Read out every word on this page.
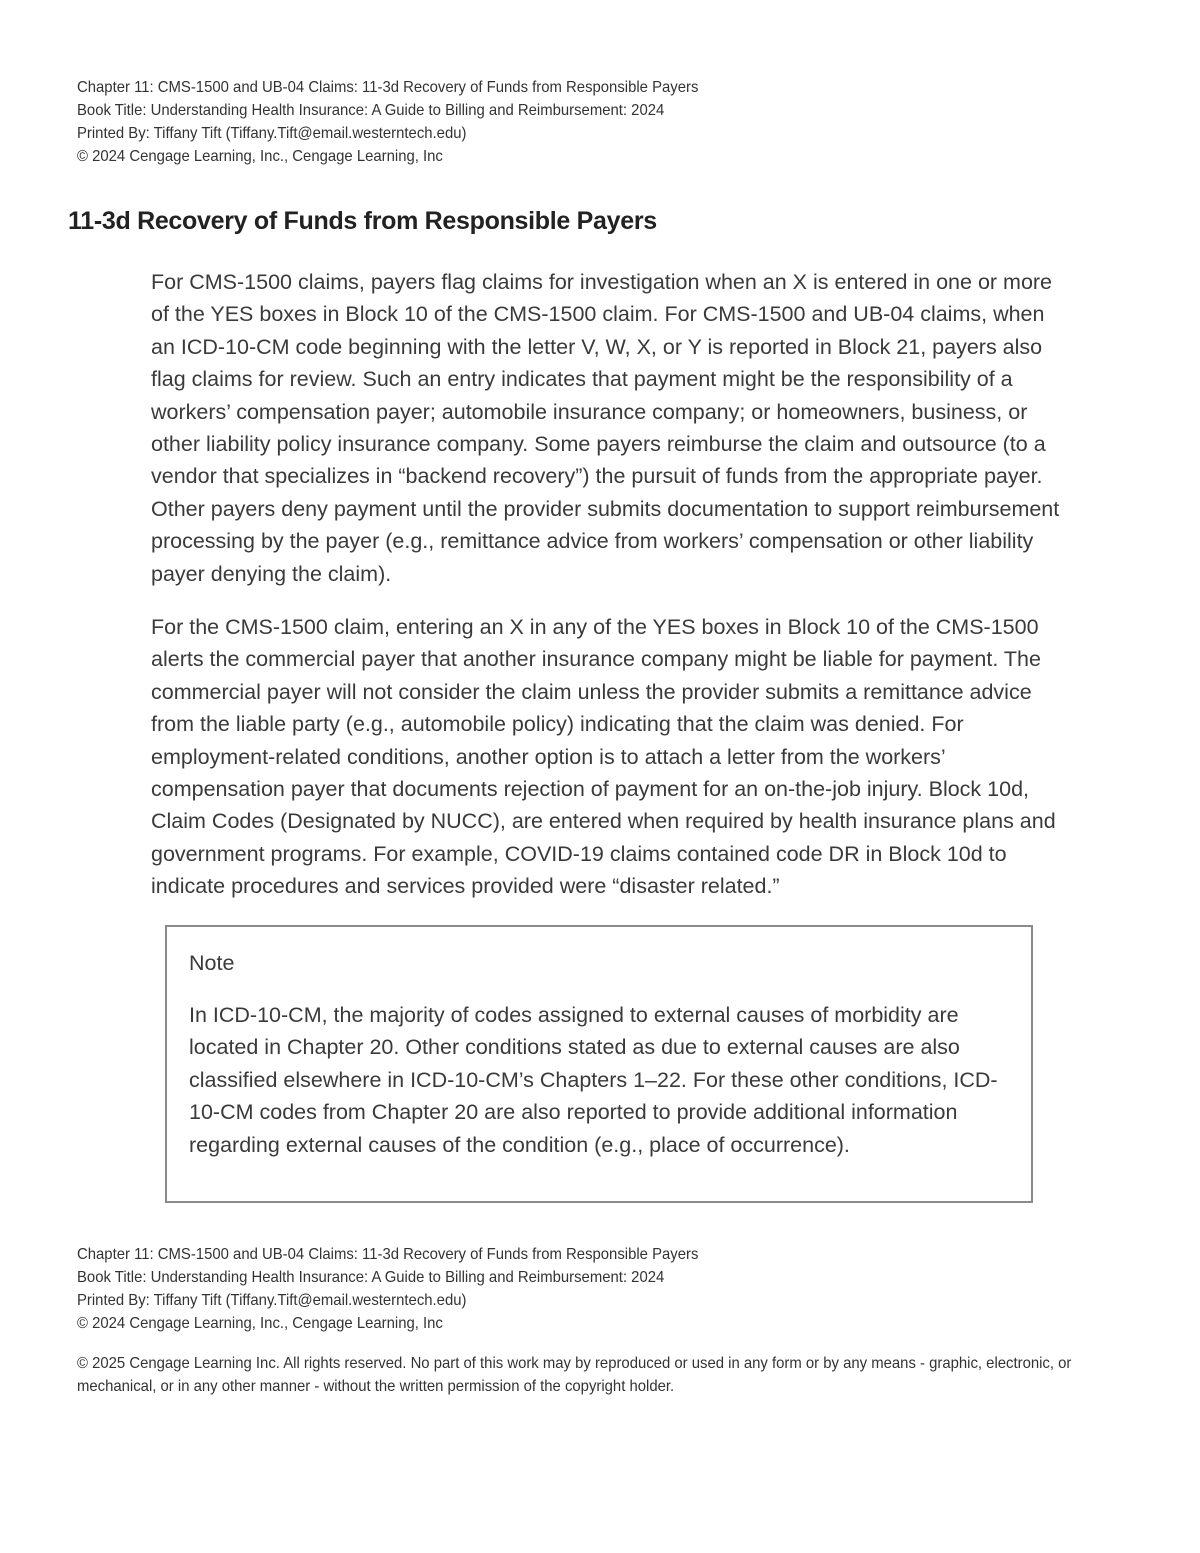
Chapter 11: CMS-1500 and UB-04 Claims: 11-3d Recovery of Funds from Responsible Payers
Book Title: Understanding Health Insurance: A Guide to Billing and Reimbursement: 2024
Printed By: Tiffany Tift (Tiffany.Tift@email.westerntech.edu)
© 2024 Cengage Learning, Inc., Cengage Learning, Inc
11-3d Recovery of Funds from Responsible Payers

For CMS-1500 claims, payers flag claims for investigation when an X is entered in one or more of the YES boxes in Block 10 of the CMS-1500 claim. For CMS-1500 and UB-04 claims, when an ICD-10-CM code beginning with the letter V, W, X, or Y is reported in Block 21, payers also flag claims for review. Such an entry indicates that payment might be the responsibility of a workers’ compensation payer; automobile insurance company; or homeowners, business, or other liability policy insurance company. Some payers reimburse the claim and outsource (to a vendor that specializes in “backend recovery”) the pursuit of funds from the appropriate payer. Other payers deny payment until the provider submits documentation to support reimbursement processing by the payer (e.g., remittance advice from workers’ compensation or other liability payer denying the claim).

For the CMS-1500 claim, entering an X in any of the YES boxes in Block 10 of the CMS-1500 alerts the commercial payer that another insurance company might be liable for payment. The commercial payer will not consider the claim unless the provider submits a remittance advice from the liable party (e.g., automobile policy) indicating that the claim was denied. For employment-related conditions, another option is to attach a letter from the workers’ compensation payer that documents rejection of payment for an on-the-job injury. Block 10d, Claim Codes (Designated by NUCC), are entered when required by health insurance plans and government programs. For example, COVID-19 claims contained code DR in Block 10d to indicate procedures and services provided were “disaster related.”

Note

In ICD-10-CM, the majority of codes assigned to external causes of morbidity are located in Chapter 20. Other conditions stated as due to external causes are also classified elsewhere in ICD-10-CM’s Chapters 1–22. For these other conditions, ICD-10-CM codes from Chapter 20 are also reported to provide additional information regarding external causes of the condition (e.g., place of occurrence).

Chapter 11: CMS-1500 and UB-04 Claims: 11-3d Recovery of Funds from Responsible Payers
Book Title: Understanding Health Insurance: A Guide to Billing and Reimbursement: 2024
Printed By: Tiffany Tift (Tiffany.Tift@email.westerntech.edu)
© 2024 Cengage Learning, Inc., Cengage Learning, Inc
© 2025 Cengage Learning Inc. All rights reserved. No part of this work may by reproduced or used in any form or by any means - graphic, electronic, or mechanical, or in any other manner - without the written permission of the copyright holder.
